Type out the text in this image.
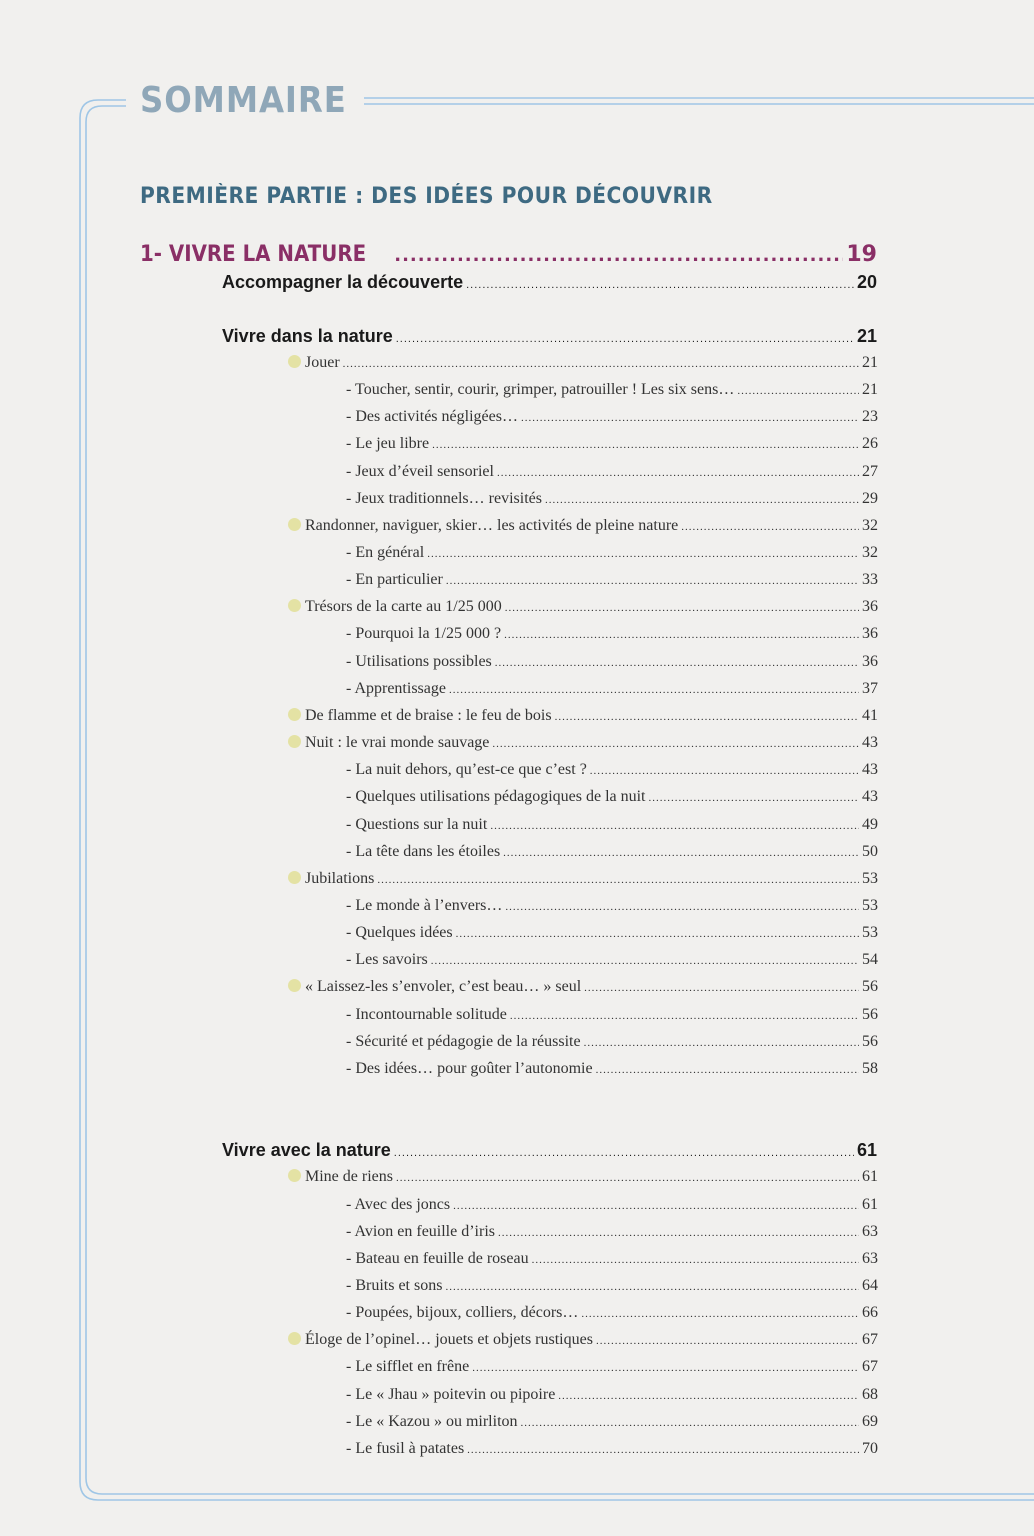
SOMMAIRE
PREMIÈRE PARTIE : DES IDÉES POUR DÉCOUVRIR
1- VIVRE LA NATURE .....	19
Accompagner la découverte .....	20
Vivre dans la nature .....	21
Jouer .....	21
- Toucher, sentir, courir, grimper, patrouiller ! Les six sens… .....	21
- Des activités négligées… .....	23
- Le jeu libre .....	26
- Jeux d’éveil sensoriel .....	27
- Jeux traditionnels… revisités .....	29
Randonner, naviguer, skier… les activités de pleine nature .....	32
- En général .....	32
- En particulier .....	33
Trésors de la carte au 1/25 000 .....	36
- Pourquoi la 1/25 000 ? .....	36
- Utilisations possibles .....	36
- Apprentissage .....	37
De flamme et de braise : le feu de bois .....	41
Nuit : le vrai monde sauvage .....	43
- La nuit dehors, qu’est-ce que c’est ? .....	43
- Quelques utilisations pédagogiques de la nuit .....	43
- Questions sur la nuit .....	49
- La tête dans les étoiles .....	50
Jubilations .....	53
- Le monde à l’envers… .....	53
- Quelques idées .....	53
- Les savoirs .....	54
« Laissez-les s’envoler, c’est beau… » seul .....	56
- Incontournable solitude .....	56
- Sécurité et pédagogie de la réussite .....	56
- Des idées… pour goûter l’autonomie .....	58
Vivre avec la nature .....	61
Mine de riens .....	61
- Avec des joncs .....	61
- Avion en feuille d’iris .....	63
- Bateau en feuille de roseau .....	63
- Bruits et sons .....	64
- Poupées, bijoux, colliers, décors… .....	66
Éloge de l’opinel… jouets et objets rustiques .....	67
- Le sifflet en frêne .....	67
- Le « Jhau » poitevin ou pipoire .....	68
- Le « Kazou » ou mirliton .....	69
- Le fusil à patates .....	70
